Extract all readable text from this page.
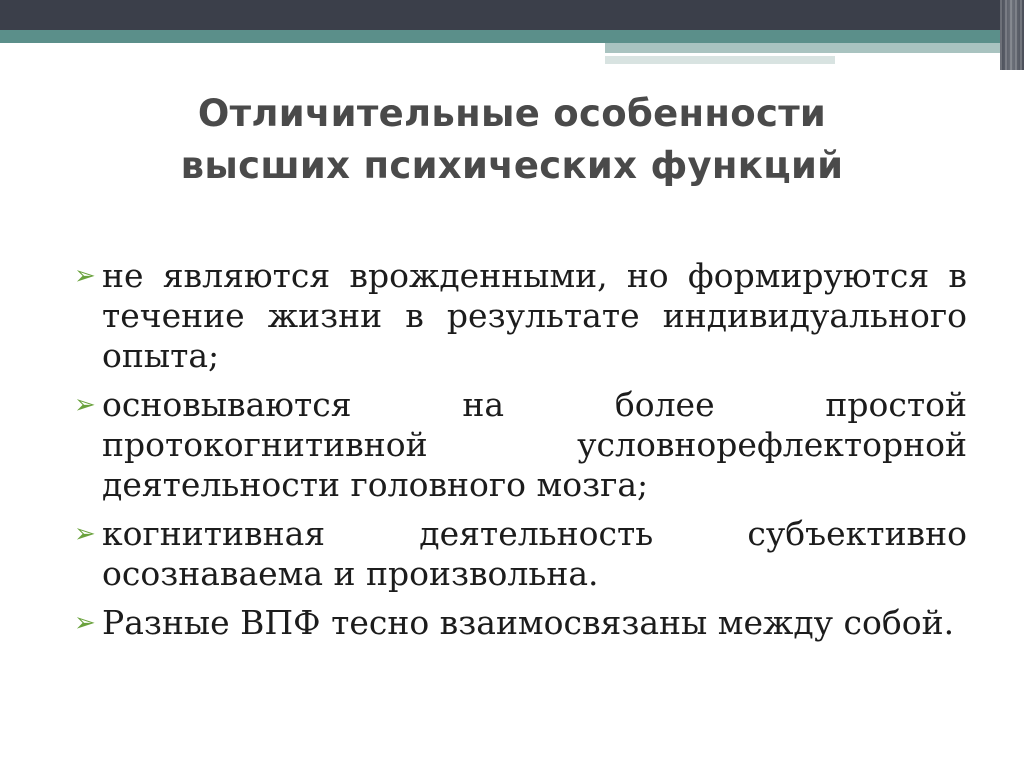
Отличительные особенности
высших психических функций
➢ не являются врожденными, но формируются в течение жизни в результате индивидуального опыта;
➢ основываются на более простой протокогнитивной условнорефлекторной деятельности головного мозга;
➢ когнитивная деятельность субъективно осознаваема и произвольна.
➢ Разные ВПФ тесно взаимосвязаны между собой.
